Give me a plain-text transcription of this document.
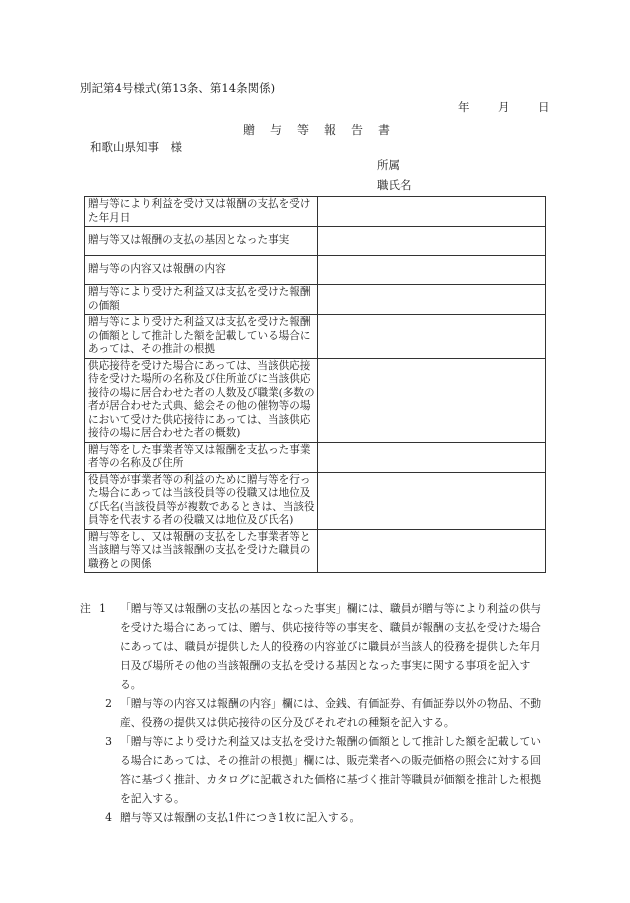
別記第4号様式(第13条、第14条関係)
年	月	日
贈与等報告書
和歌山県知事　様
所属
職氏名
贈与等により利益を受け又は報酬の支払を受けた年月日	
贈与等又は報酬の支払の基因となった事実	
贈与等の内容又は報酬の内容	
贈与等により受けた利益又は支払を受けた報酬の価額	
贈与等により受けた利益又は支払を受けた報酬の価額として推計した額を記載している場合にあっては、その推計の根拠	
供応接待を受けた場合にあっては、当該供応接待を受けた場所の名称及び住所並びに当該供応接待の場に居合わせた者の人数及び職業(多数の者が居合わせた式典、総会その他の催物等の場において受けた供応接待にあっては、当該供応接待の場に居合わせた者の概数)	
贈与等をした事業者等又は報酬を支払った事業者等の名称及び住所	
役員等が事業者等の利益のために贈与等を行った場合にあっては当該役員等の役職又は地位及び氏名(当該役員等が複数であるときは、当該役員等を代表する者の役職又は地位及び氏名)	
贈与等をし、又は報酬の支払をした事業者等と当該贈与等又は当該報酬の支払を受けた職員の職務との関係	
注 1 「贈与等又は報酬の支払の基因となった事実」欄には、職員が贈与等により利益の供与を受けた場合にあっては、贈与、供応接待等の事実を、職員が報酬の支払を受けた場合にあっては、職員が提供した人的役務の内容並びに職員が当該人的役務を提供した年月日及び場所その他の当該報酬の支払を受ける基因となった事実に関する事項を記入する。
2 「贈与等の内容又は報酬の内容」欄には、金銭、有価証券、有価証券以外の物品、不動産、役務の提供又は供応接待の区分及びそれぞれの種類を記入する。
3 「贈与等により受けた利益又は支払を受けた報酬の価額として推計した額を記載している場合にあっては、その推計の根拠」欄には、販売業者への販売価格の照会に対する回答に基づく推計、カタログに記載された価格に基づく推計等職員が価額を推計した根拠を記入する。
4 贈与等又は報酬の支払1件につき1枚に記入する。
